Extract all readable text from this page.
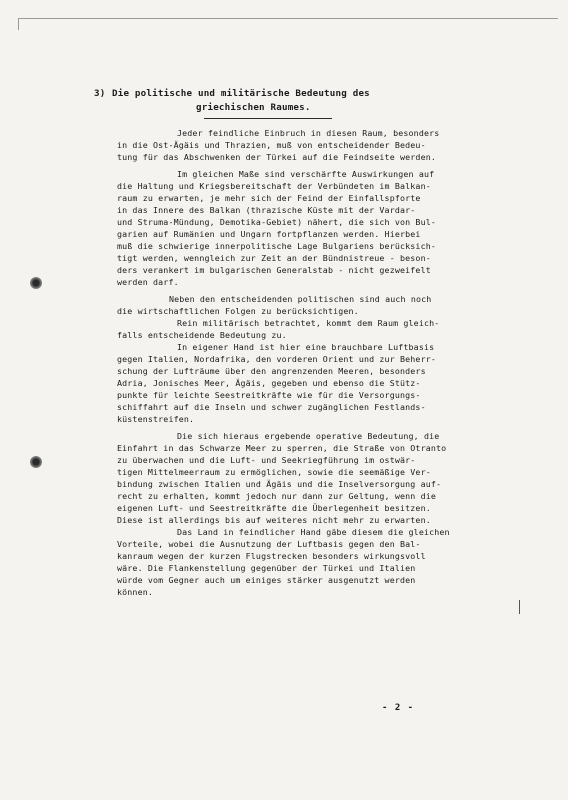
3) Die politische und militärische Bedeutung des
griechischen Raumes.
Jeder feindliche Einbruch in diesen Raum, besonders
in die Ost-Ägäis und Thrazien, muß von entscheidender Bedeu-
tung für das Abschwenken der Türkei auf die Feindseite werden.
Im gleichen Maße sind verschärfte Auswirkungen auf
die Haltung und Kriegsbereitschaft der Verbündeten im Balkan-
raum zu erwarten, je mehr sich der Feind der Einfallspforte
in das Innere des Balkan (thrazische Küste mit der Vardar-
und Struma-Mündung, Demotika-Gebiet) nähert, die sich von Bul-
garien auf Rumänien und Ungarn fortpflanzen werden. Hierbei
muß die schwierige innerpolitische Lage Bulgariens berücksich-
tigt werden, wenngleich zur Zeit an der Bündnistreue - beson-
ders verankert im bulgarischen Generalstab - nicht gezweifelt
werden darf.
Neben den entscheidenden politischen sind auch noch
die wirtschaftlichen Folgen zu berücksichtigen.
Rein militärisch betrachtet, kommt dem Raum gleich-
falls entscheidende Bedeutung zu.
In eigener Hand ist hier eine brauchbare Luftbasis
gegen Italien, Nordafrika, den vorderen Orient und zur Beherr-
schung der Lufträume über den angrenzenden Meeren, besonders
Adria, Jonisches Meer, Ägäis, gegeben und ebenso die Stütz-
punkte für leichte Seestreitkräfte wie für die Versorgungs-
schiffahrt auf die Inseln und schwer zugänglichen Festlands-
küstenstreifen.
Die sich hieraus ergebende operative Bedeutung, die
Einfahrt in das Schwarze Meer zu sperren, die Straße von Otranto
zu überwachen und die Luft- und Seekriegführung im ostwär-
tigen Mittelmeerraum zu ermöglichen, sowie die seemäßige Ver-
bindung zwischen Italien und Ägäis und die Inselversorgung auf-
recht zu erhalten, kommt jedoch nur dann zur Geltung, wenn die
eigenen Luft- und Seestreitkräfte die Überlegenheit besitzen.
Diese ist allerdings bis auf weiteres nicht mehr zu erwarten.
Das Land in feindlicher Hand gäbe diesem die gleichen
Vorteile, wobei die Ausnutzung der Luftbasis gegen den Bal-
kanraum wegen der kurzen Flugstrecken besonders wirkungsvoll
wäre. Die Flankenstellung gegenüber der Türkei und Italien
würde vom Gegner auch um einiges stärker ausgenutzt werden
können.
- 2 -
